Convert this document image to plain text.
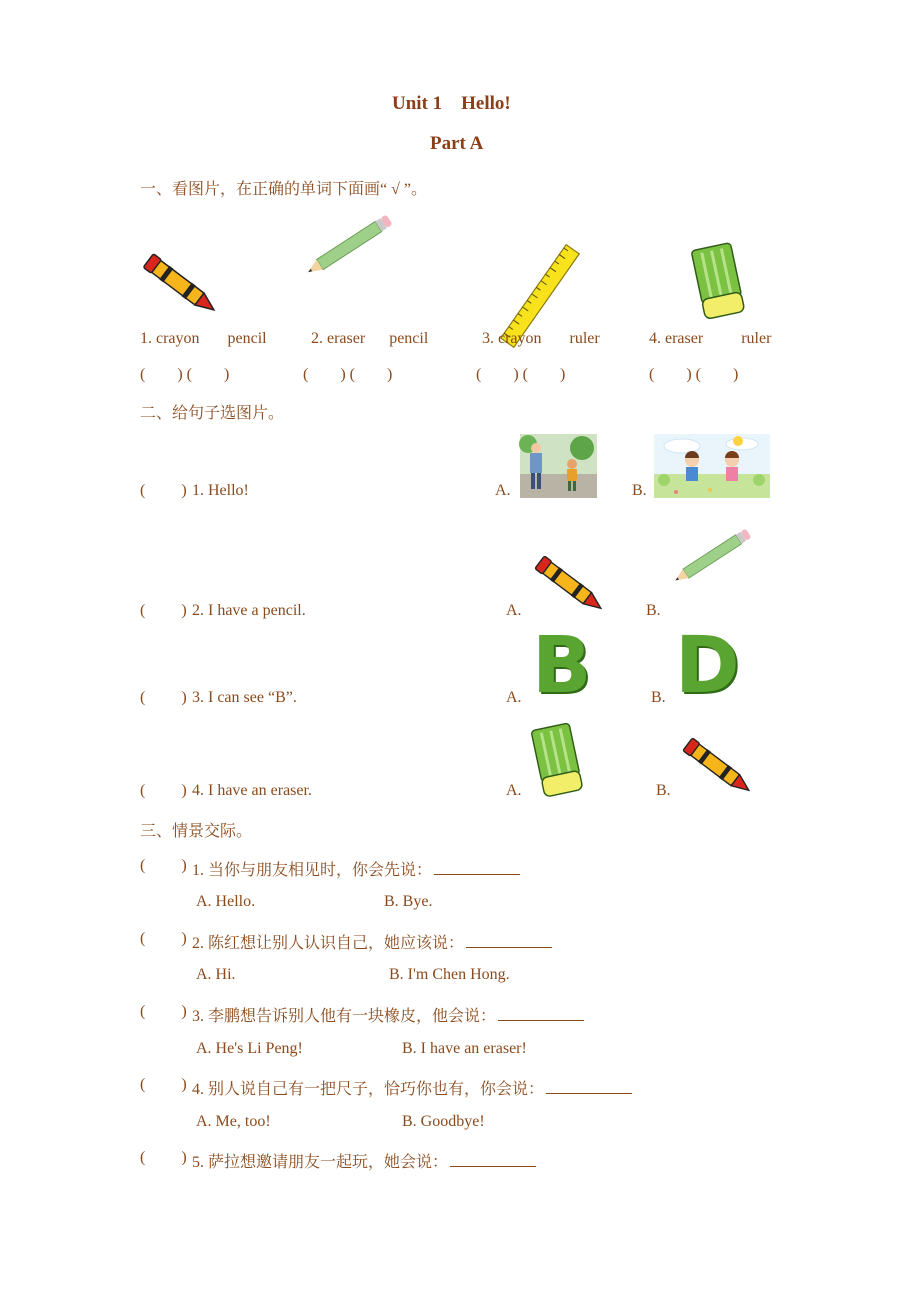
Unit 1    Hello!
Part A
一、看图片，在正确的单词下面画“ √ ”。
1. crayon pencil	2. eraser pencil	3. crayon ruler	4. eraser ruler
(        ) (        )	(        ) (        )	(        ) (        )	(        ) (        )
二、给句子选图片。
(         ) 1. Hello!	A.	B.
(         ) 2. I have a pencil.	A.	B.
(         ) 3. I can see “B”.	A. B	B. D
(         ) 4. I have an eraser.	A.	B.
三、情景交际。
(         ) 1. 当你与朋友相见时，你会先说：
A. Hello.	B. Bye.
(         ) 2. 陈红想让别人认识自己，她应该说：
A. Hi.	B. I'm Chen Hong.
(         ) 3. 李鹏想告诉别人他有一块橡皮，他会说：
A. He's Li Peng!	B. I have an eraser!
(         ) 4. 别人说自己有一把尺子，恰巧你也有，你会说：
A. Me, too!	B. Goodbye!
(         ) 5. 萨拉想邀请朋友一起玩，她会说：
